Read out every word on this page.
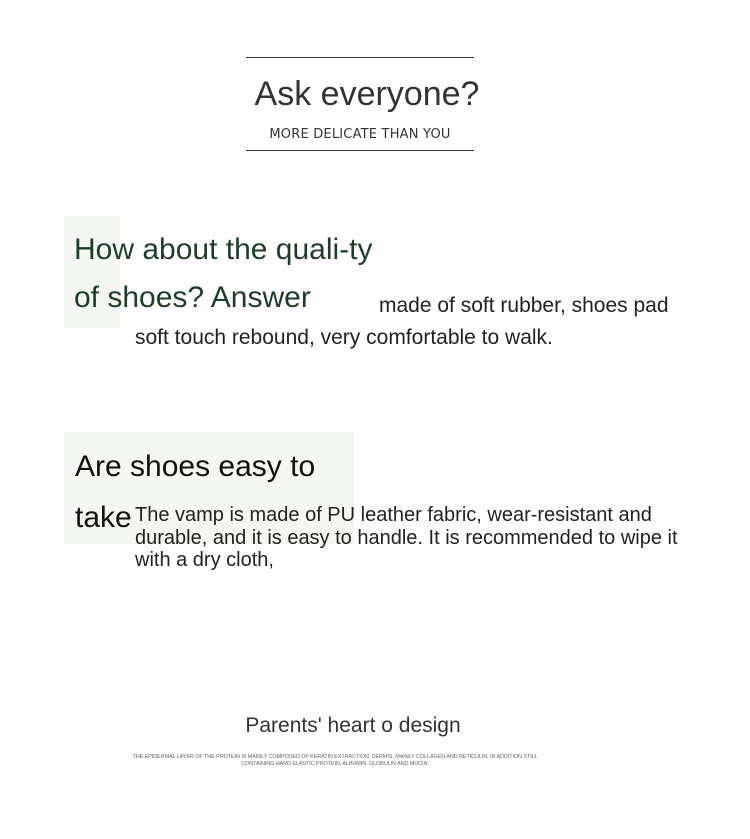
Ask everyone?
MORE DELICATE THAN YOU
How about the quali-ty of shoes? Answer	made of soft rubber, shoes pad soft touch rebound, very comfortable to walk.
Are shoes easy to take The vamp is made of PU leather fabric, wear-resistant and durable, and it is easy to handle. It is recommended to wipe it with a dry cloth,
Parents' heart o design
THE EPIDERMAL LAYER OF THE PROTEIN IS MAINLY COMPOSED OF KERATIN EXTRACTION, DERMIS, MAINLY COLLAGEN AND RETICULIN, IN ADDITION STILL CONTAINING HARD ELASTIC PROTEIN, ALBUMIN, GLOBULIN AND MUCIN.
